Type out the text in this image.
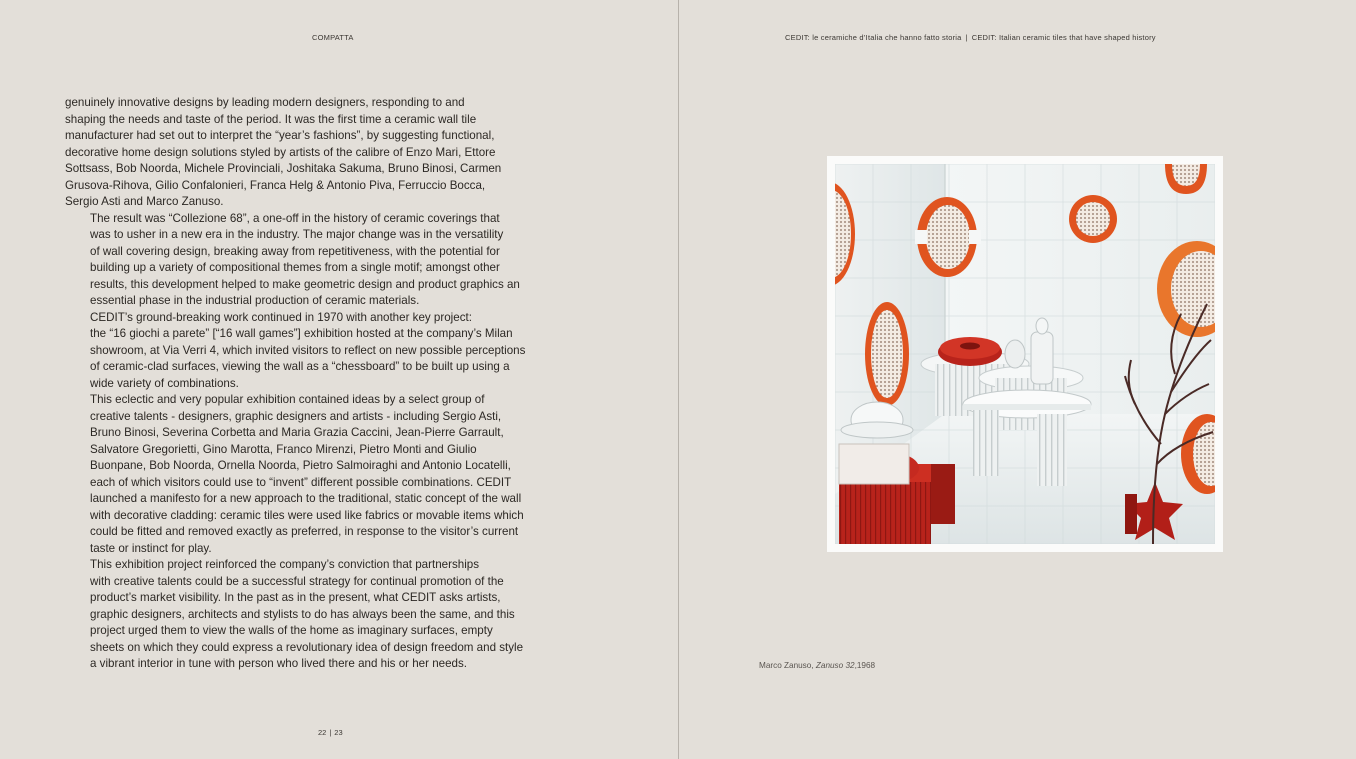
COMPATTA

genuinely innovative designs by leading modern designers, responding to and
shaping the needs and taste of the period. It was the first time a ceramic wall tile
manufacturer had set out to interpret the “year’s fashions”, by suggesting functional,
decorative home design solutions styled by artists of the calibre of Enzo Mari, Ettore
Sottsass, Bob Noorda, Michele Provinciali, Joshitaka Sakuma, Bruno Binosi, Carmen
Grusova-Rihova, Gilio Confalonieri, Franca Helg & Antonio Piva, Ferruccio Bocca,
Sergio Asti and Marco Zanuso.

The result was “Collezione 68”, a one-off in the history of ceramic coverings that
was to usher in a new era in the industry. The major change was in the versatility
of wall covering design, breaking away from repetitiveness, with the potential for
building up a variety of compositional themes from a single motif; amongst other
results, this development helped to make geometric design and product graphics an
essential phase in the industrial production of ceramic materials.

CEDIT’s ground-breaking work continued in 1970 with another key project:
the “16 giochi a parete” [“16 wall games”] exhibition hosted at the company’s Milan
showroom, at Via Verri 4, which invited visitors to reflect on new possible perceptions
of ceramic-clad surfaces, viewing the wall as a “chessboard” to be built up using a
wide variety of combinations.

This eclectic and very popular exhibition contained ideas by a select group of
creative talents - designers, graphic designers and artists - including Sergio Asti,
Bruno Binosi, Severina Corbetta and Maria Grazia Caccini, Jean-Pierre Garrault,
Salvatore Gregorietti, Gino Marotta, Franco Mirenzi, Pietro Monti and Giulio
Buonpane, Bob Noorda, Ornella Noorda, Pietro Salmoiraghi and Antonio Locatelli,
each of which visitors could use to “invent” different possible combinations. CEDIT
launched a manifesto for a new approach to the traditional, static concept of the wall
with decorative cladding: ceramic tiles were used like fabrics or movable items which
could be fitted and removed exactly as preferred, in response to the visitor’s current
taste or instinct for play.

This exhibition project reinforced the company’s conviction that partnerships
with creative talents could be a successful strategy for continual promotion of the
product’s market visibility. In the past as in the present, what CEDIT asks artists,
graphic designers, architects and stylists to do has always been the same, and this
project urged them to view the walls of the home as imaginary surfaces, empty
sheets on which they could express a revolutionary idea of design freedom and style
a vibrant interior in tune with person who lived there and his or her needs.

22 | 23
CEDIT: le ceramiche d’Italia che hanno fatto storia | CEDIT: Italian ceramic tiles that have shaped history
Marco Zanuso, Zanuso 32,1968
